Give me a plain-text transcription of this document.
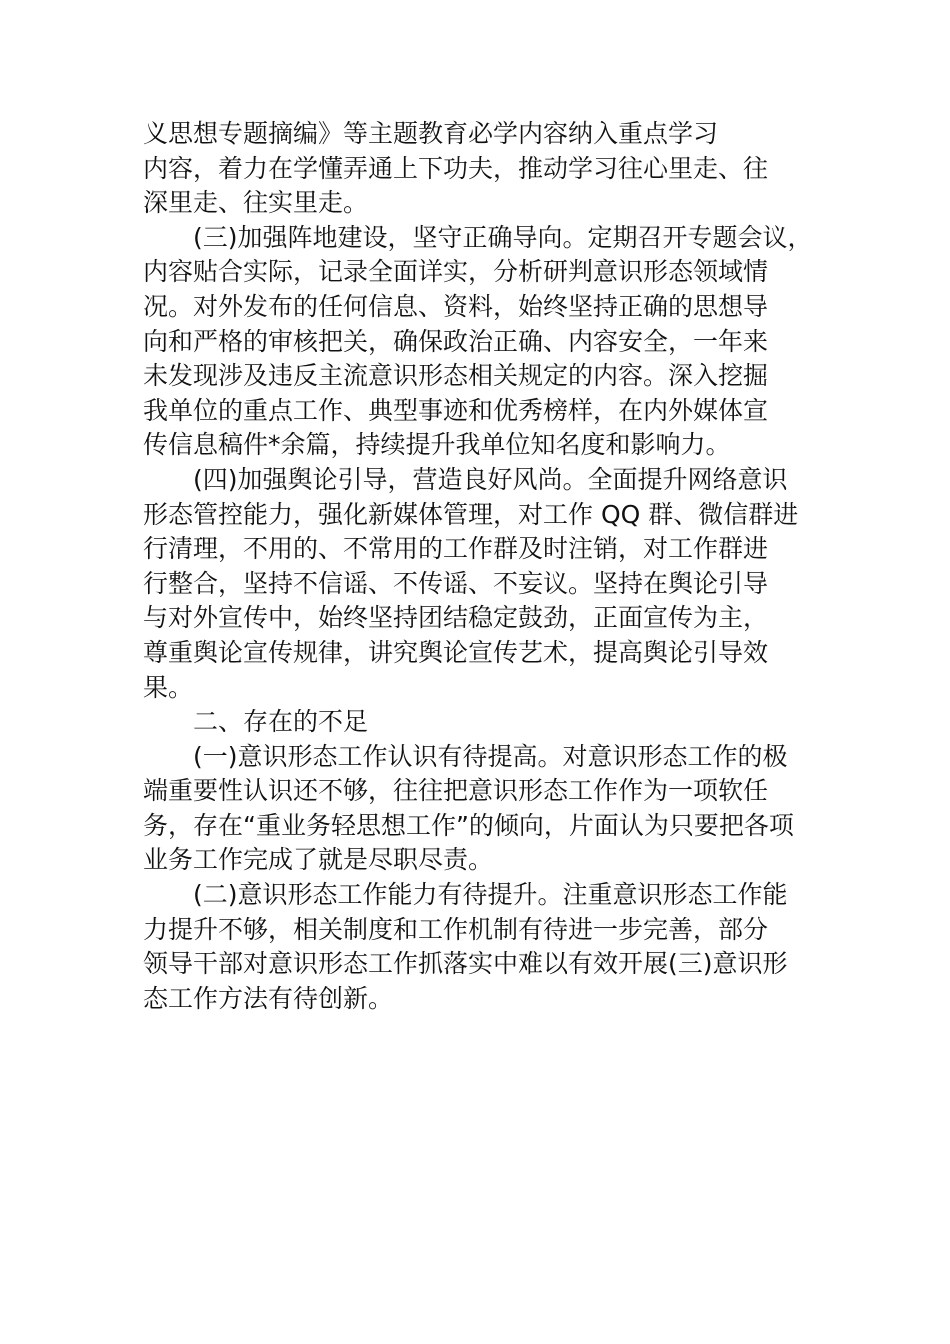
义思想专题摘编》等主题教育必学内容纳入重点学习
内容，着力在学懂弄通上下功夫，推动学习往心里走、往
深里走、往实里走。

(三)加强阵地建设，坚守正确导向。定期召开专题会议，
内容贴合实际，记录全面详实，分析研判意识形态领域情
况。对外发布的任何信息、资料，始终坚持正确的思想导
向和严格的审核把关，确保政治正确、内容安全，一年来
未发现涉及违反主流意识形态相关规定的内容。深入挖掘
我单位的重点工作、典型事迹和优秀榜样，在内外媒体宣
传信息稿件*余篇，持续提升我单位知名度和影响力。

(四)加强舆论引导，营造良好风尚。全面提升网络意识
形态管控能力，强化新媒体管理，对工作 QQ 群、微信群进
行清理，不用的、不常用的工作群及时注销，对工作群进
行整合，坚持不信谣、不传谣、不妄议。坚持在舆论引导
与对外宣传中，始终坚持团结稳定鼓劲，正面宣传为主，
尊重舆论宣传规律，讲究舆论宣传艺术，提高舆论引导效
果。

二、存在的不足

(一)意识形态工作认识有待提高。对意识形态工作的极
端重要性认识还不够，往往把意识形态工作作为一项软任
务，存在“重业务轻思想工作”的倾向，片面认为只要把各项
业务工作完成了就是尽职尽责。

(二)意识形态工作能力有待提升。注重意识形态工作能
力提升不够，相关制度和工作机制有待进一步完善，部分
领导干部对意识形态工作抓落实中难以有效开展(三)意识形
态工作方法有待创新。
